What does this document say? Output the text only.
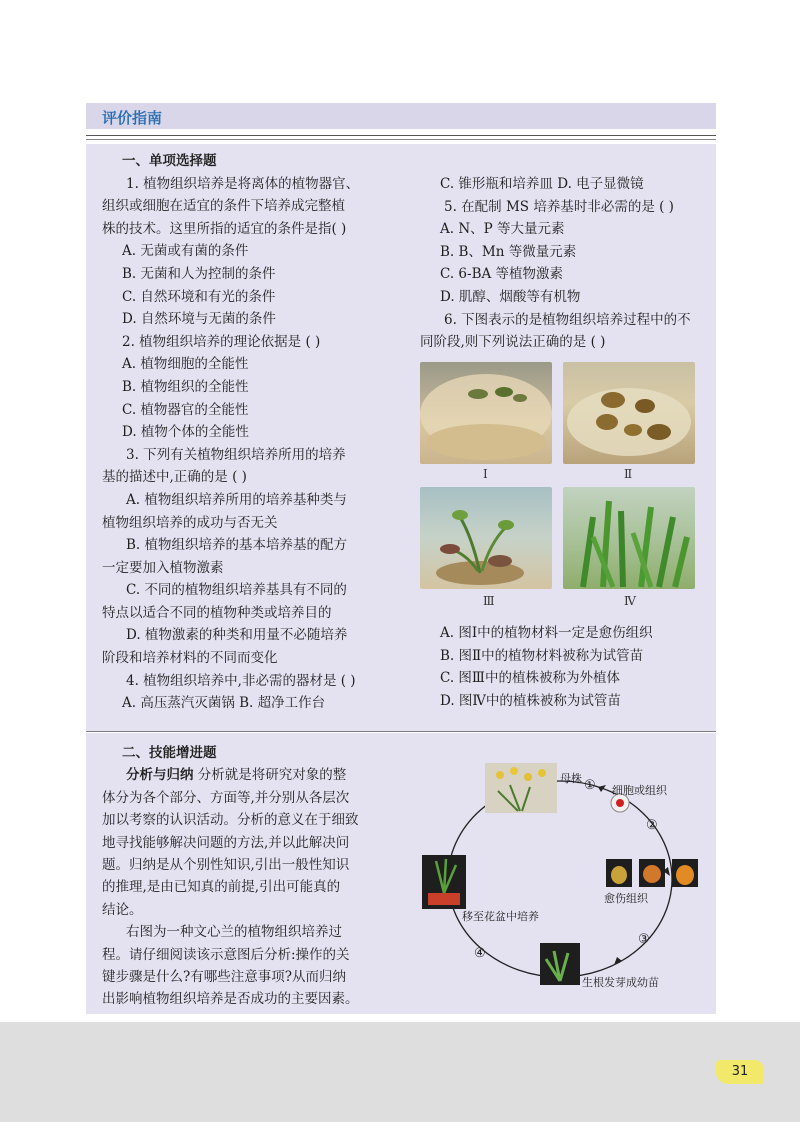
评价指南

一、单项选择题

1. 植物组织培养是将离体的植物器官、

组织或细胞在适宜的条件下培养成完整植

株的技术。这里所指的适宜的条件是指( )

A. 无菌或有菌的条件

B. 无菌和人为控制的条件

C. 自然环境和有光的条件

D. 自然环境与无菌的条件

2. 植物组织培养的理论依据是 ( )

A. 植物细胞的全能性

B. 植物组织的全能性

C. 植物器官的全能性

D. 植物个体的全能性

3. 下列有关植物组织培养所用的培养

基的描述中,正确的是 ( )

A. 植物组织培养所用的培养基种类与

植物组织培养的成功与否无关

B. 植物组织培养的基本培养基的配方

一定要加入植物激素

C. 不同的植物组织培养基具有不同的

特点以适合不同的植物种类或培养目的

D. 植物激素的种类和用量不必随培养

阶段和培养材料的不同而变化

4. 植物组织培养中,非必需的器材是 ( )

A. 高压蒸汽灭菌锅 B. 超净工作台

C. 锥形瓶和培养皿 D. 电子显微镜

5. 在配制 MS 培养基时非必需的是 ( )

A. N、P 等大量元素

B. B、Mn 等微量元素

C. 6-BA 等植物激素

D. 肌醇、烟酸等有机物

6. 下图表示的是植物组织培养过程中的不

同阶段,则下列说法正确的是 ( )

Ⅰ	Ⅱ
Ⅲ	Ⅳ

A. 图Ⅰ中的植物材料一定是愈伤组织

B. 图Ⅱ中的植物材料被称为试管苗

C. 图Ⅲ中的植株被称为外植体

D. 图Ⅳ中的植株被称为试管苗

二、技能增进题

分析与归纳 分析就是将研究对象的整

体分为各个部分、方面等,并分别从各层次

加以考察的认识活动。分析的意义在于细致

地寻找能够解决问题的方法,并以此解决问

题。归纳是从个别性知识,引出一般性知识

的推理,是由已知真的前提,引出可能真的

结论。

右图为一种文心兰的植物组织培养过

程。请仔细阅读该示意图后分析:操作的关

键步骤是什么?有哪些注意事项?从而归纳

出影响植物组织培养是否成功的主要因素。

母株 ① 细胞或组织
②
愈伤组织
③
生根发芽成幼苗
④
移至花盆中培养
31
